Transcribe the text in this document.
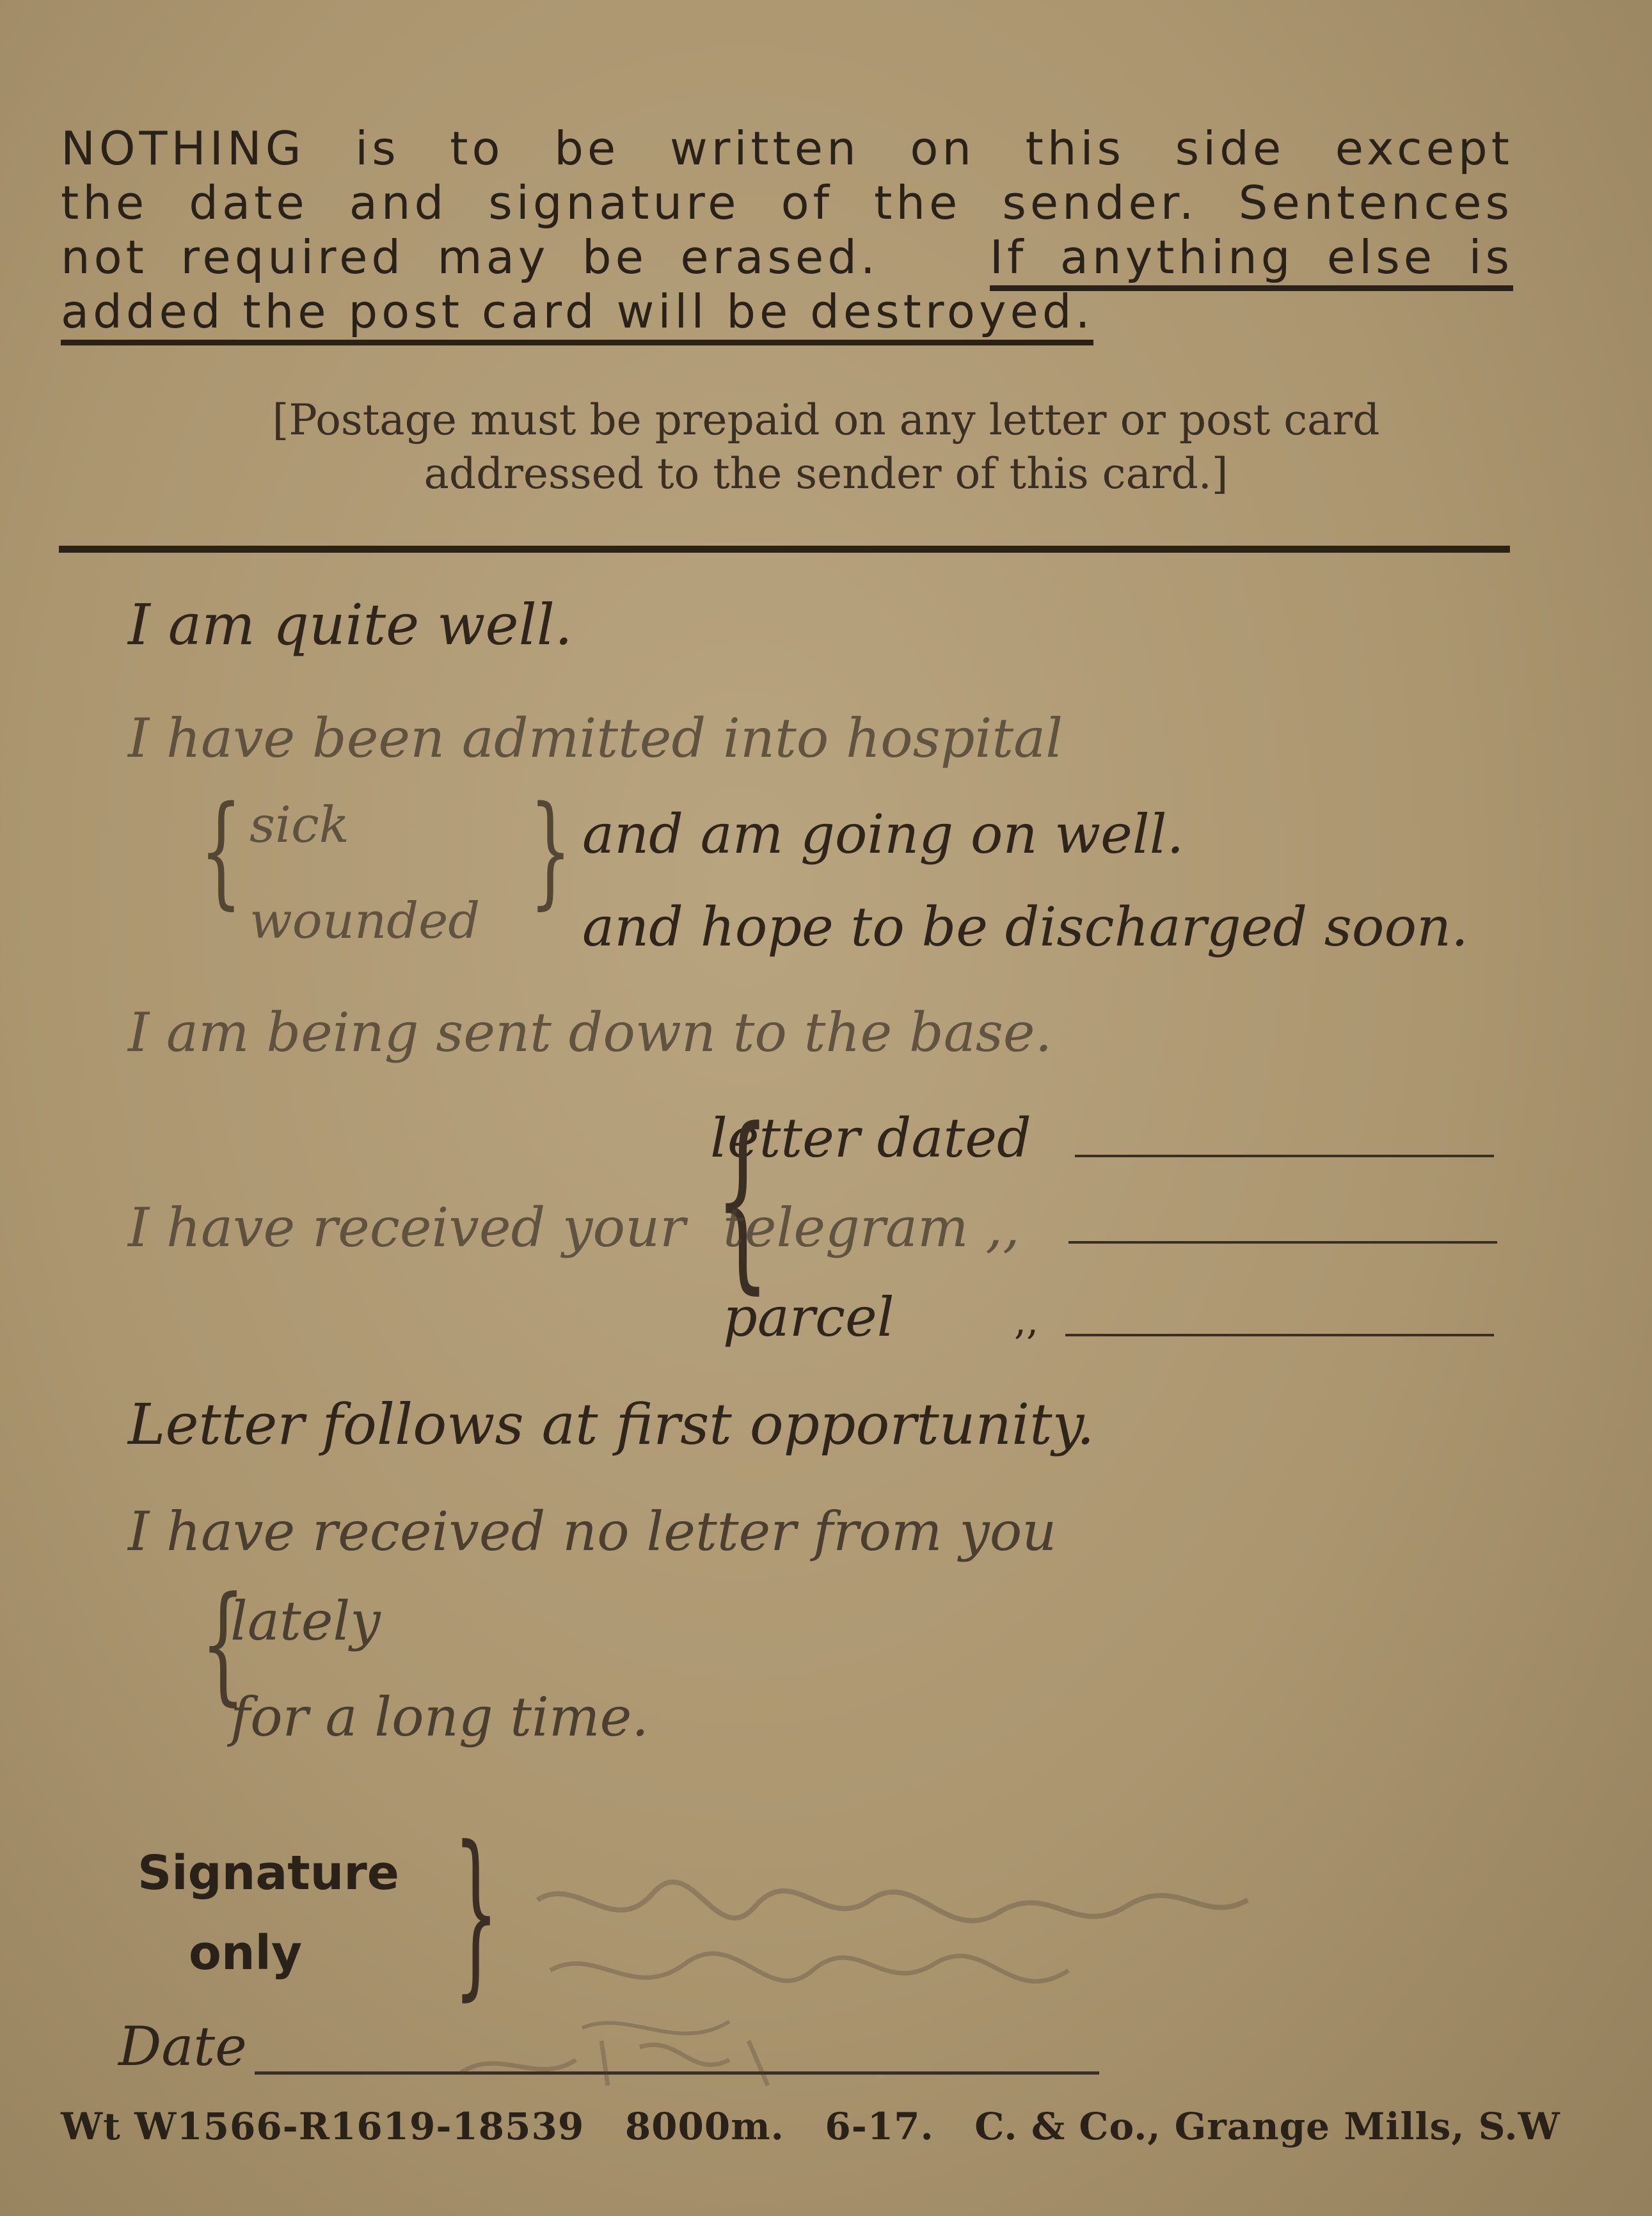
NOTHING is to be written on this side except
the date and signature of the sender. Sentences
not required may be erased. If anything else is
added the post card will be destroyed.
[Postage must be prepaid on any letter or post card
addressed to the sender of this card.]
I am quite well.
I have been admitted into hospital
{ sick
wounded } and am going on well.
and hope to be discharged soon.
I am being sent down to the base.
letter dated
I have received your {
telegram ,,
parcel	,,
Letter follows at first opportunity.
I have received no letter from you
{
lately
for a long time.
Signature
only }
Date
Wt W1566-R1619-18539   8000m.   6-17.   C. & Co., Grange Mills, S.W
